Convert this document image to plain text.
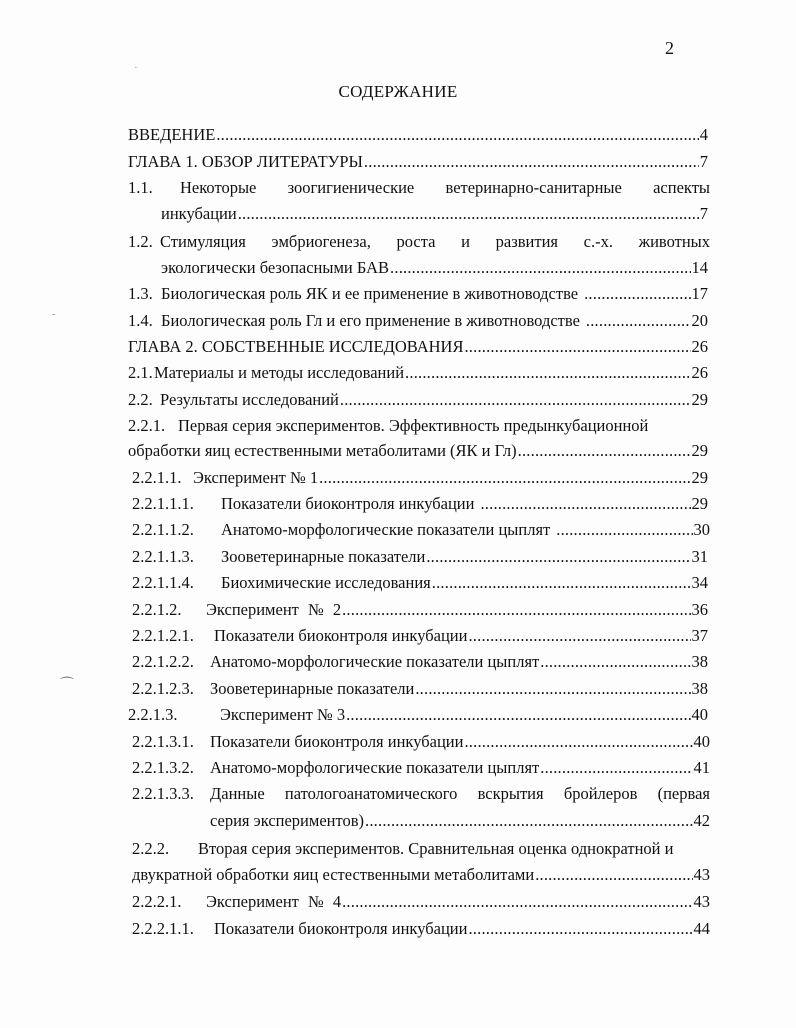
2
СОДЕРЖАНИЕ
ВВЕДЕНИЕ .....	4
ГЛАВА 1. ОБЗОР ЛИТЕРАТУРЫ .....	7
1.1.	Некоторые зоогигиенические ветеринарно-санитарные аспекты
инкубации .....	7
1.2. Стимуляция эмбриогенеза, роста и развития с.-х. животных
экологически безопасными БАВ .....	14
1.3. Биологическая роль ЯК и ее применение в животноводстве .....	17
1.4. Биологическая роль Гл и его применение в животноводстве .....	20
ГЛАВА 2. СОБСТВЕННЫЕ ИССЛЕДОВАНИЯ .....	26
2.1. Материалы и методы исследований .....	26
2.2. Результаты исследований .....	29
2.2.1. Первая серия экспериментов. Эффективность предынкубационной
обработки яиц естественными метаболитами (ЯК и Гл) .....	29
2.2.1.1. Эксперимент № 1 .....	29
2.2.1.1.1.	Показатели биоконтроля инкубации .....	29
2.2.1.1.2.	Анатомо-морфологические показатели цыплят .....	30
2.2.1.1.3.	Зооветеринарные показатели .....	31
2.2.1.1.4.	Биохимические исследования .....	34
2.2.1.2.	Эксперимент № 2 .....	36
2.2.1.2.1.	Показатели биоконтроля инкубации .....	37
2.2.1.2.2. Анатомо-морфологические показатели цыплят .....	38
2.2.1.2.3. Зооветеринарные показатели .....	38
2.2.1.3.	Эксперимент № 3 .....	40
2.2.1.3.1. Показатели биоконтроля инкубации .....	40
2.2.1.3.2. Анатомо-морфологические показатели цыплят .....	41
2.2.1.3.3. Данные патологоанатомического вскрытия бройлеров (первая
серия экспериментов) .....	42
2.2.2.	Вторая серия экспериментов. Сравнительная оценка однократной и
двукратной обработки яиц естественными метаболитами .....	43
2.2.2.1.	Эксперимент № 4 .....	43
2.2.2.1.1.	Показатели биоконтроля инкубации .....	44
·
-
⌒
